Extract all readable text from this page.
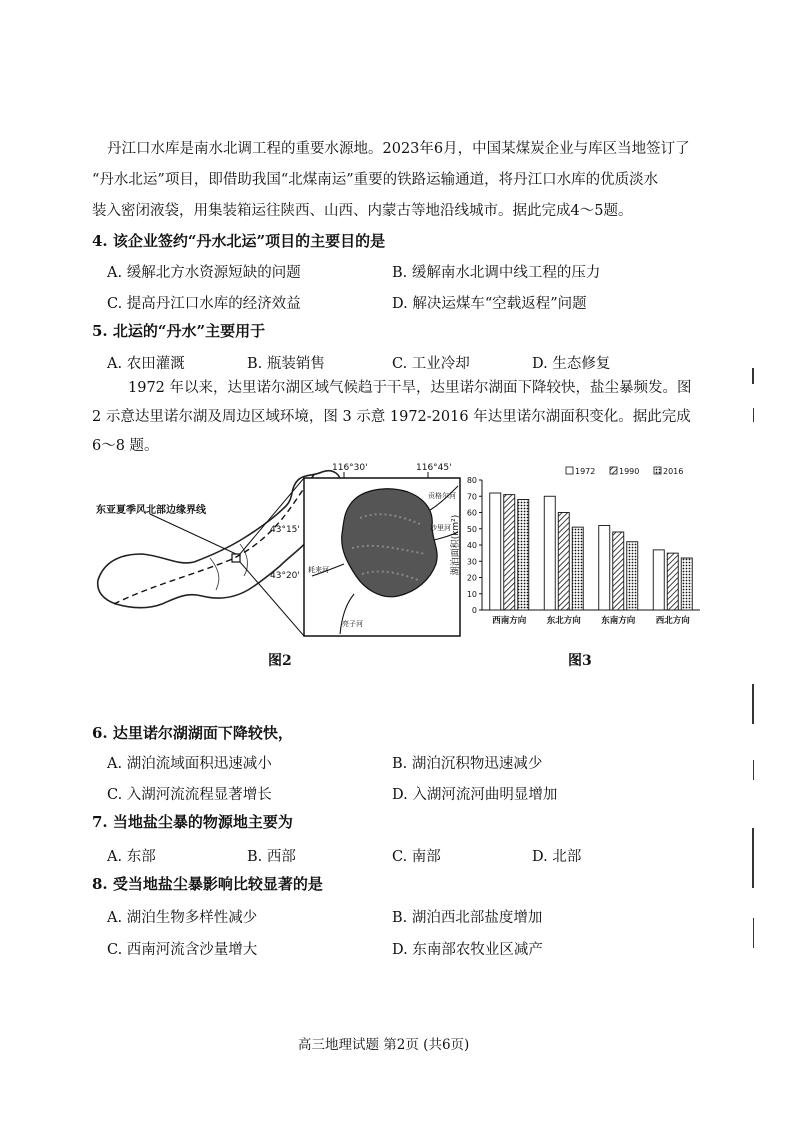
丹江口水库是南水北调工程的重要水源地。2023年6月，中国某煤炭企业与库区当地签订了
“丹水北运”项目，即借助我国“北煤南运”重要的铁路运输通道，将丹江口水库的优质淡水
装入密闭液袋，用集装箱运往陕西、山西、内蒙古等地沿线城市。据此完成4～5题。
4. 该企业签约“丹水北运”项目的主要目的是
A. 缓解北方水资源短缺的问题	B. 缓解南水北调中线工程的压力
C. 提高丹江口水库的经济效益	D. 解决运煤车“空载返程”问题
5. 北运的“丹水”主要用于
A. 农田灌溉	B. 瓶装销售	C. 工业冷却	D. 生态修复
1972 年以来，达里诺尔湖区域气候趋于干旱，达里诺尔湖面下降较快，盐尘暴频发。图
2 示意达里诺尔湖及周边区域环境，图 3 示意 1972-2016 年达里诺尔湖面积变化。据此完成
6～8 题。
东亚夏季风北部边缘界线
116°30'	116°45'
43°15'
43°20'
贡格尔河
沙里河
亮子河
耗来河
图2
0
10
20
30
40
50
60
70
80
西南方向 东北方向 东南方向 西北方向
1972	1990	2016
湖泊面积(km²)
图3
6. 达里诺尔湖湖面下降较快，
A. 湖泊流域面积迅速减小	B. 湖泊沉积物迅速减少
C. 入湖河流流程显著增长	D. 入湖河流河曲明显增加
7. 当地盐尘暴的物源地主要为
A. 东部	B. 西部	C. 南部	D. 北部
8. 受当地盐尘暴影响比较显著的是
A. 湖泊生物多样性减少	B. 湖泊西北部盐度增加
C. 西南河流含沙量增大	D. 东南部农牧业区减产
高三地理试题 第2页 (共6页)
